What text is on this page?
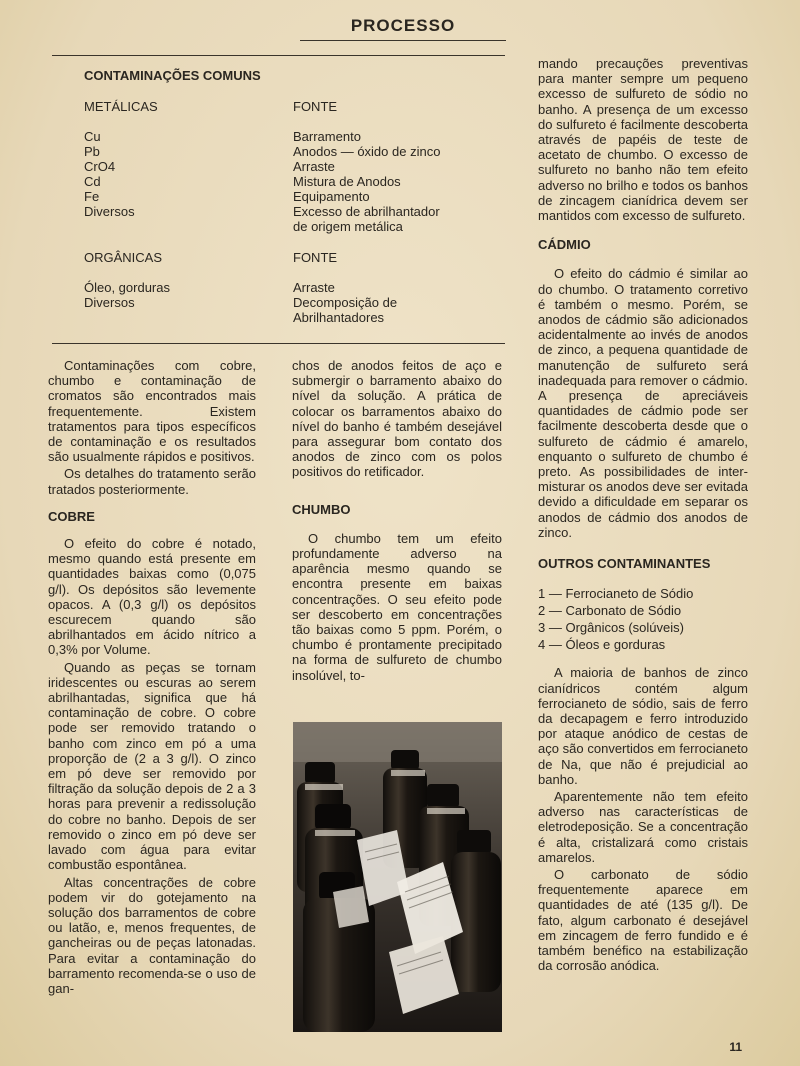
PROCESSO
CONTAMINAÇÕES COMUNS
METÁLICAS
Cu
Pb
CrO4
Cd
Fe
Diversos
FONTE
Barramento
Anodos — óxido de zinco
Arraste
Mistura de Anodos
Equipamento
Excesso de abrilhantador
de origem metálica
ORGÂNICAS
Óleo, gorduras
Diversos
FONTE
Arraste
Decomposição de
Abrilhantadores

Contaminações com cobre, chumbo e contaminação de cromatos são encontrados mais frequentemente. Existem tratamentos para tipos específicos de contaminação e os resultados são usualmente rápidos e positivos.

Os detalhes do tratamento serão tratados posteriormente.

COBRE

O efeito do cobre é notado, mesmo quando está presente em quantidades baixas como (0,075 g/l). Os depósitos são levemente opacos. A (0,3 g/l) os depósitos escurecem quando são abrilhantados em ácido nítrico a 0,3% por Volume.

Quando as peças se tornam iridescentes ou escuras ao serem abrilhantadas, significa que há contaminação de cobre. O cobre pode ser removido tratando o banho com zinco em pó a uma proporção de (2 a 3 g/l). O zinco em pó deve ser removido por filtração da solução depois de 2 a 3 horas para prevenir a redissolução do cobre no banho. Depois de ser removido o zinco em pó deve ser lavado com água para evitar combustão espontânea.

Altas concentrações de cobre podem vir do gotejamento na solução dos barramentos de cobre ou latão, e, menos frequentes, de gancheiras ou de peças latonadas. Para evitar a contaminação do barramento recomenda-se o uso de gan-

chos de anodos feitos de aço e submergir o barramento abaixo do nível da solução. A prática de colocar os barramentos abaixo do nível do banho é também desejável para assegurar bom contato dos anodos de zinco com os polos positivos do retificador.

CHUMBO

O chumbo tem um efeito profundamente adverso na aparência mesmo quando se encontra presente em baixas concentrações. O seu efeito pode ser descoberto em concentrações tão baixas como 5 ppm. Porém, o chumbo é prontamente precipitado na forma de sulfureto de chumbo insolúvel, to-

mando precauções preventivas para manter sempre um pequeno excesso de sulfureto de sódio no banho. A presença de um excesso do sulfureto é facilmente descoberta através de papéis de teste de acetato de chumbo. O excesso de sulfureto no banho não tem efeito adverso no brilho e todos os banhos de zincagem cianídrica devem ser mantidos com excesso de sulfureto.

CÁDMIO

O efeito do cádmio é similar ao do chumbo. O tratamento corretivo é também o mesmo. Porém, se anodos de cádmio são adicionados acidentalmente ao invés de anodos de zinco, a pequena quantidade de manutenção de sulfureto será inadequada para remover o cádmio. A presença de apreciáveis quantidades de cádmio pode ser facilmente descoberta desde que o sulfureto de cádmio é amarelo, enquanto o sulfureto de chumbo é preto. As possibilidades de inter-misturar os anodos deve ser evitada devido a dificuldade em separar os anodos de cádmio dos anodos de zinco.

OUTROS CONTAMINANTES
1 — Ferrocianeto de Sódio
2 — Carbonato de Sódio
3 — Orgânicos (solúveis)
4 — Óleos e gorduras

A maioria de banhos de zinco cianídricos contém algum ferrocianeto de sódio, sais de ferro da decapagem e ferro introduzido por ataque anódico de cestas de aço são convertidos em ferrocianeto de Na, que não é prejudicial ao banho.

Aparentemente não tem efeito adverso nas características de eletrodeposição. Se a concentração é alta, cristalizará como cristais amarelos.

O carbonato de sódio frequentemente aparece em quantidades de até (135 g/l). De fato, algum carbonato é desejável em zincagem de ferro fundido e é também benéfico na estabilização da corrosão anódica.

11
